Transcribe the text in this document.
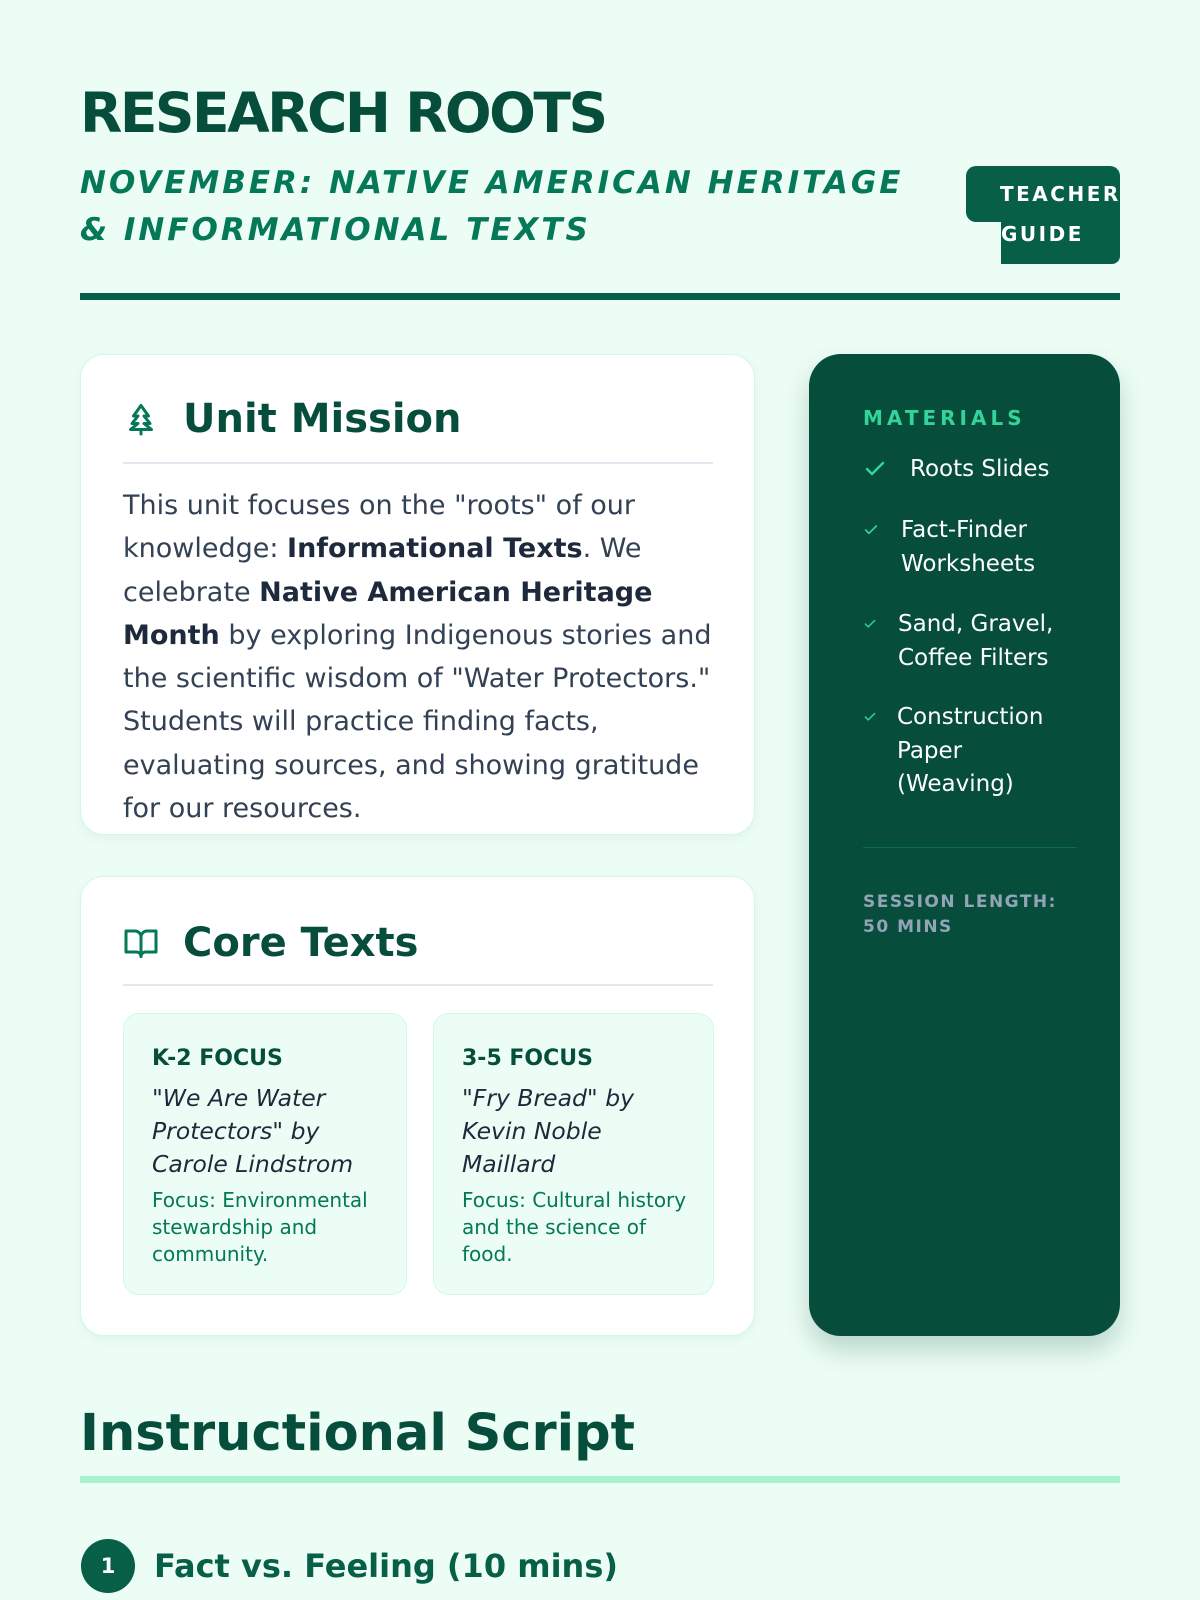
RESEARCH ROOTS

NOVEMBER: NATIVE AMERICAN HERITAGE & INFORMATIONAL TEXTS

TEACHER
GUIDE
Unit Mission

This unit focuses on the "roots" of our knowledge: Informational Texts. We celebrate Native American Heritage Month by exploring Indigenous stories and the scientific wisdom of "Water Protectors." Students will practice finding facts, evaluating sources, and showing gratitude for our resources.

Core Texts

K-2 FOCUS

"We Are Water Protectors" by Carole Lindstrom

Focus: Environmental stewardship and community.

3-5 FOCUS

"Fry Bread" by Kevin Noble Maillard

Focus: Cultural history and the science of food.

MATERIALS
Roots Slides
Fact-Finder Worksheets
Sand, Gravel, Coffee Filters
Construction Paper (Weaving)

SESSION LENGTH: 50 MINS

Instructional Script
1	Fact vs. Feeling (10 mins)
